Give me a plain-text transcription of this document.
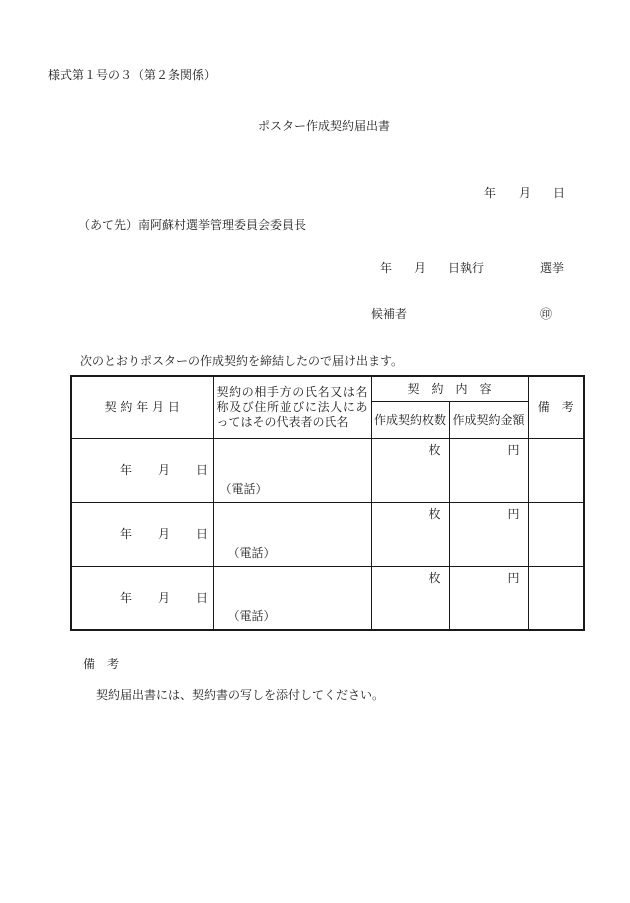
様式第１号の３（第２条関係）
ポスター作成契約届出書
年 月 日
（あて先）南阿蘇村選挙管理委員会委員長
年 月 日執行	選挙
候補者	㊞
次のとおりポスターの作成契約を締結したので届け出ます。
契 約 年 月 日	契約の相手方の氏名又は名称及び住所並びに法人にあってはその代表者の氏名	契　約　内　容		備　考
		作成契約枚数	作成契約金額	
年 月 日	（電話）	枚	円	

年 月 日	（電話）	枚	円	

年 月 日	（電話）	枚	円	

備　考
契約届出書には、契約書の写しを添付してください。
